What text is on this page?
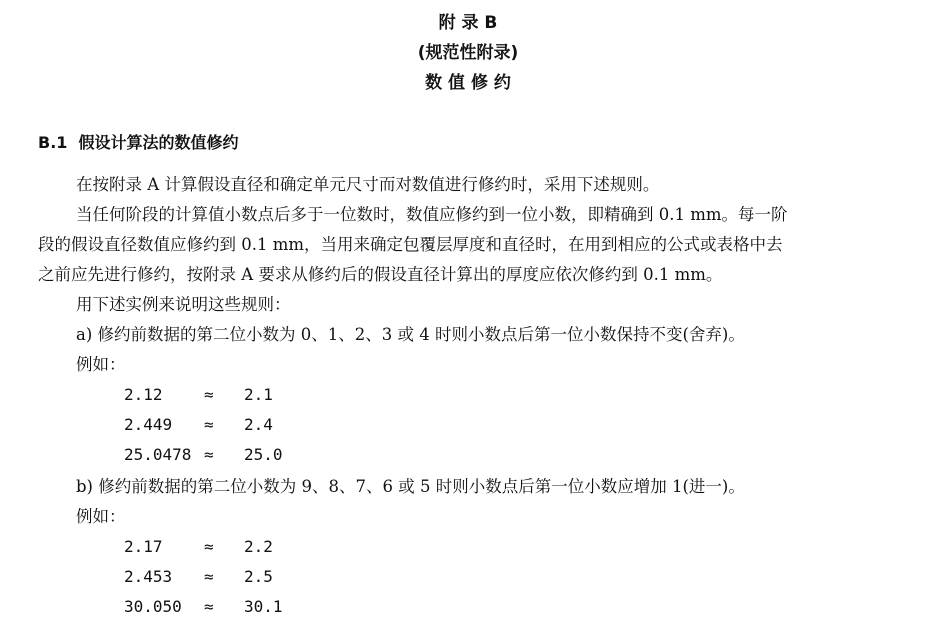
附 录 B
(规范性附录)
数 值 修 约
B.1  假设计算法的数值修约
在按附录 A 计算假设直径和确定单元尺寸而对数值进行修约时，采用下述规则。
当任何阶段的计算值小数点后多于一位数时，数值应修约到一位小数，即精确到 0.1 mm。每一阶
段的假设直径数值应修约到 0.1 mm，当用来确定包覆层厚度和直径时，在用到相应的公式或表格中去
之前应先进行修约，按附录 A 要求从修约后的假设直径计算出的厚度应依次修约到 0.1 mm。
用下述实例来说明这些规则：
a) 修约前数据的第二位小数为 0、1、2、3 或 4 时则小数点后第一位小数保持不变(舍弃)。
例如：
2.12	≈ 2.1
2.449 ≈ 2.4
25.0478 ≈ 25.0
b) 修约前数据的第二位小数为 9、8、7、6 或 5 时则小数点后第一位小数应增加 1(进一)。
例如：
2.17	≈ 2.2
2.453 ≈ 2.5
30.050 ≈ 30.1
